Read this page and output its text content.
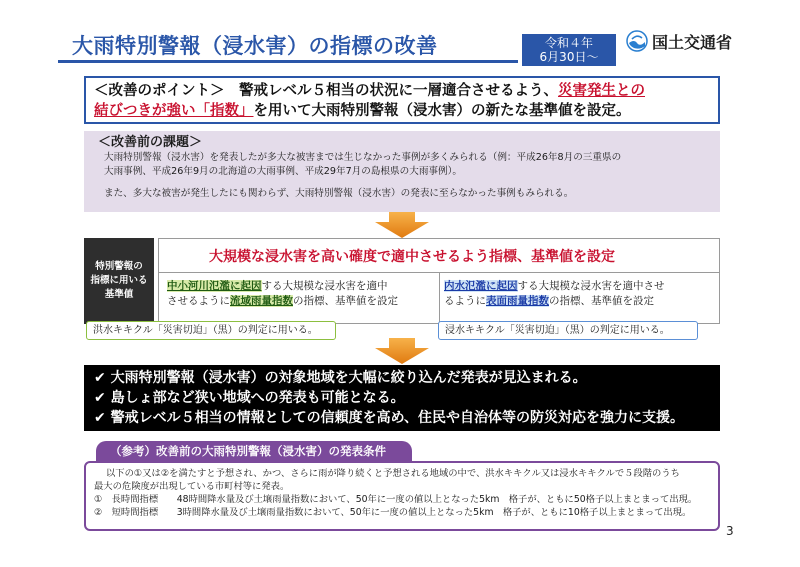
大雨特別警報（浸水害）の指標の改善	令和４年
6月30日～
国土交通省
＜改善のポイント＞　警戒レベル５相当の状況に一層適合させるよう、災害発生との
結びつきが強い「指数」を用いて大雨特別警報（浸水害）の新たな基準値を設定。
＜改善前の課題＞
大雨特別警報（浸水害）を発表したが多大な被害までは生じなかった事例が多くみられる（例：平成26年8月の三重県の
大雨事例、平成26年9月の北海道の大雨事例、平成29年7月の島根県の大雨事例）。
また、多大な被害が発生したにも関わらず、大雨特別警報（浸水害）の発表に至らなかった事例もみられる。
特別警報の
指標に用いる
基準値
大規模な浸水害を高い確度で適中させるよう指標、基準値を設定
中小河川氾濫に起因する大規模な浸水害を適中
させるように流域雨量指数の指標、基準値を設定
内水氾濫に起因する大規模な浸水害を適中させ
るように表面雨量指数の指標、基準値を設定
洪水キキクル「災害切迫」（黒）の判定に用いる。	浸水キキクル「災害切迫」（黒）の判定に用いる。
✔ 大雨特別警報（浸水害）の対象地域を大幅に絞り込んだ発表が見込まれる。
✔ 島しょ部など狭い地域への発表も可能となる。
✔ 警戒レベル５相当の情報としての信頼度を高め、住民や自治体等の防災対応を強力に支援。
（参考）改善前の大雨特別警報（浸水害）の発表条件
以下の①又は②を満たすと予想され、かつ、さらに雨が降り続くと予想される地域の中で、洪水キキクル又は浸水キキクルで５段階のうち
最大の危険度が出現している市町村等に発表。
①　長時間指標　　48時間降水量及び土壌雨量指数において、50年に一度の値以上となった5km　格子が、ともに50格子以上まとまって出現。
②　短時間指標　　3時間降水量及び土壌雨量指数において、50年に一度の値以上となった5km　格子が、ともに10格子以上まとまって出現。
3
